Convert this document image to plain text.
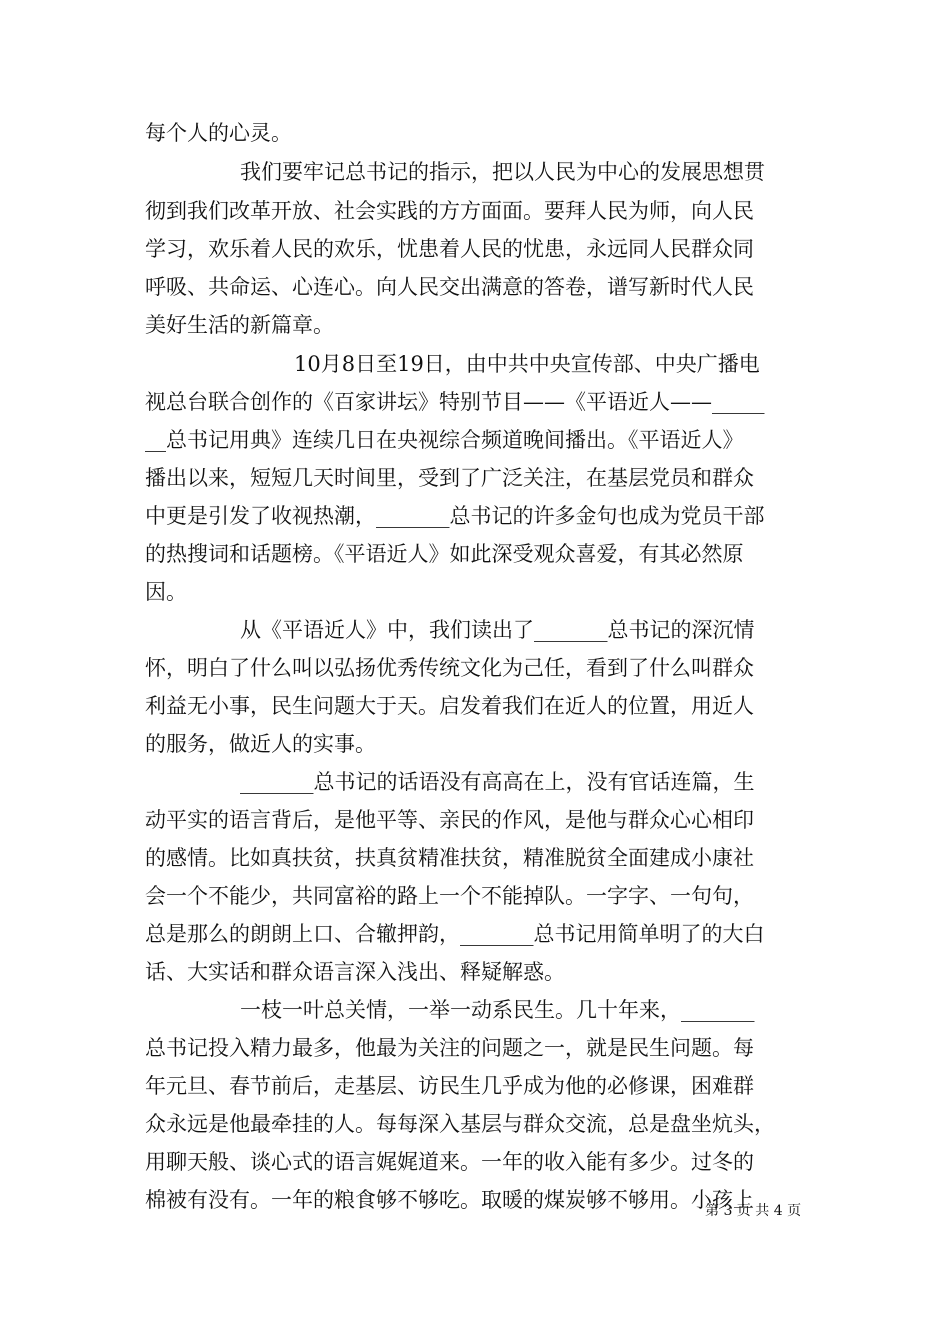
每个人的心灵。
我们要牢记总书记的指示，把以人民为中心的发展思想贯
彻到我们改革开放、社会实践的方方面面。要拜人民为师，向人民
学习，欢乐着人民的欢乐，忧患着人民的忧患，永远同人民群众同
呼吸、共命运、心连心。向人民交出满意的答卷，谱写新时代人民
美好生活的新篇章。
10月8日至19日，由中共中央宣传部、中央广播电
视总台联合创作的《百家讲坛》特别节目——《平语近人——_____
__总书记用典》连续几日在央视综合频道晚间播出。《平语近人》
播出以来，短短几天时间里，受到了广泛关注，在基层党员和群众
中更是引发了收视热潮，_______总书记的许多金句也成为党员干部
的热搜词和话题榜。《平语近人》如此深受观众喜爱，有其必然原
因。
从《平语近人》中，我们读出了_______总书记的深沉情
怀，明白了什么叫以弘扬优秀传统文化为己任，看到了什么叫群众
利益无小事，民生问题大于天。启发着我们在近人的位置，用近人
的服务，做近人的实事。
_______总书记的话语没有高高在上，没有官话连篇，生
动平实的语言背后，是他平等、亲民的作风，是他与群众心心相印
的感情。比如真扶贫，扶真贫精准扶贫，精准脱贫全面建成小康社
会一个不能少，共同富裕的路上一个不能掉队。一字字、一句句，
总是那么的朗朗上口、合辙押韵，_______总书记用简单明了的大白
话、大实话和群众语言深入浅出、释疑解惑。
一枝一叶总关情，一举一动系民生。几十年来，_______
总书记投入精力最多，他最为关注的问题之一，就是民生问题。每
年元旦、春节前后，走基层、访民生几乎成为他的必修课，困难群
众永远是他最牵挂的人。每每深入基层与群众交流，总是盘坐炕头，
用聊天般、谈心式的语言娓娓道来。一年的收入能有多少。过冬的
棉被有没有。一年的粮食够不够吃。取暖的煤炭够不够用。小孩上
第 3 页 共 4 页
